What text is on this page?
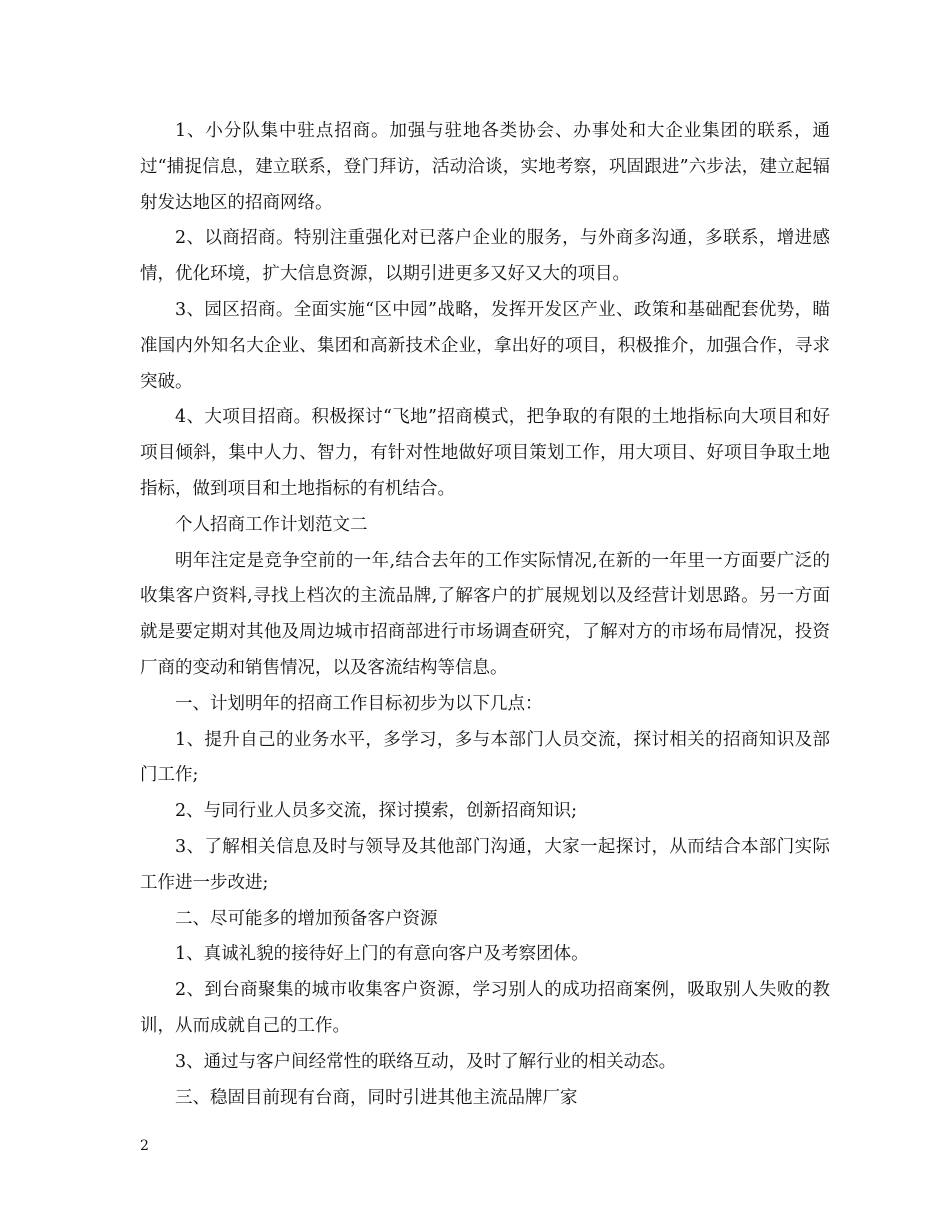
1、小分队集中驻点招商。加强与驻地各类协会、办事处和大企业集团的联系，通过“捕捉信息，建立联系，登门拜访，活动洽谈，实地考察，巩固跟进”六步法，建立起辐射发达地区的招商网络。

2、以商招商。特别注重强化对已落户企业的服务，与外商多沟通，多联系，增进感情，优化环境，扩大信息资源，以期引进更多又好又大的项目。

3、园区招商。全面实施“区中园”战略，发挥开发区产业、政策和基础配套优势，瞄准国内外知名大企业、集团和高新技术企业，拿出好的项目，积极推介，加强合作，寻求突破。

4、大项目招商。积极探讨“飞地”招商模式，把争取的有限的土地指标向大项目和好项目倾斜，集中人力、智力，有针对性地做好项目策划工作，用大项目、好项目争取土地指标，做到项目和土地指标的有机结合。

个人招商工作计划范文二

明年注定是竞争空前的一年,结合去年的工作实际情况,在新的一年里一方面要广泛的收集客户资料,寻找上档次的主流品牌,了解客户的扩展规划以及经营计划思路。另一方面就是要定期对其他及周边城市招商部进行市场调查研究，了解对方的市场布局情况，投资厂商的变动和销售情况，以及客流结构等信息。

一、计划明年的招商工作目标初步为以下几点：

1、提升自己的业务水平，多学习，多与本部门人员交流，探讨相关的招商知识及部门工作;

2、与同行业人员多交流，探讨摸索，创新招商知识;

3、了解相关信息及时与领导及其他部门沟通，大家一起探讨，从而结合本部门实际工作进一步改进;

二、尽可能多的增加预备客户资源

1、真诚礼貌的接待好上门的有意向客户及考察团体。

2、到台商聚集的城市收集客户资源，学习别人的成功招商案例，吸取别人失败的教训，从而成就自己的工作。

3、通过与客户间经常性的联络互动，及时了解行业的相关动态。

三、稳固目前现有台商，同时引进其他主流品牌厂家

2
